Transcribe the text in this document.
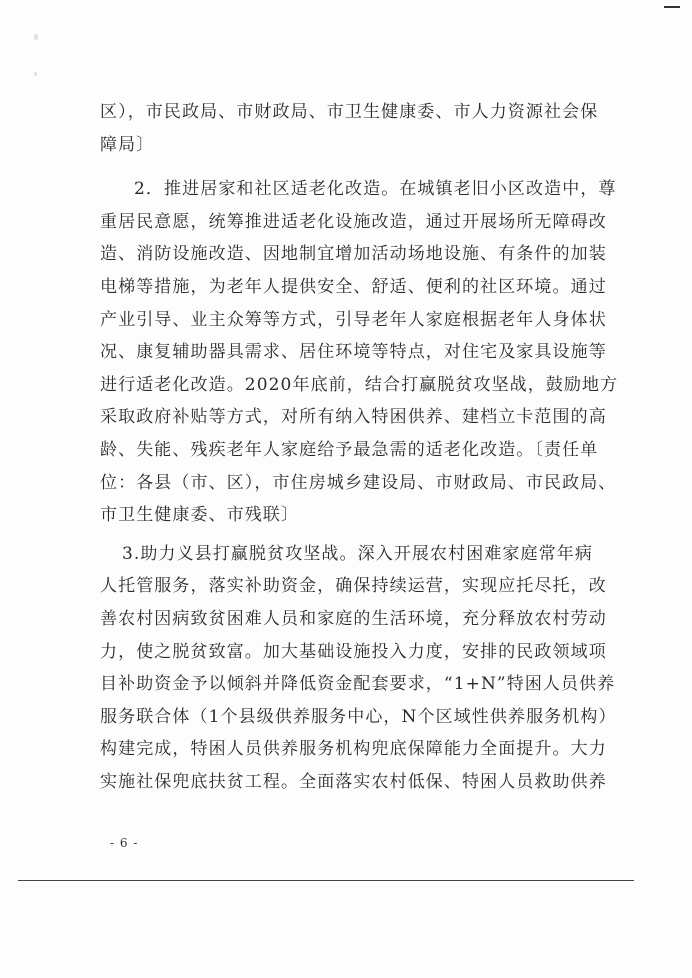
区），市民政局、市财政局、市卫生健康委、市人力资源社会保
障局〕
2．推进居家和社区适老化改造。在城镇老旧小区改造中，尊
重居民意愿，统筹推进适老化设施改造，通过开展场所无障碍改
造、消防设施改造、因地制宜增加活动场地设施、有条件的加装
电梯等措施，为老年人提供安全、舒适、便利的社区环境。通过
产业引导、业主众筹等方式，引导老年人家庭根据老年人身体状
况、康复辅助器具需求、居住环境等特点，对住宅及家具设施等
进行适老化改造。2020年底前，结合打赢脱贫攻坚战，鼓励地方
采取政府补贴等方式，对所有纳入特困供养、建档立卡范围的高
龄、失能、残疾老年人家庭给予最急需的适老化改造。〔责任单
位：各县（市、区），市住房城乡建设局、市财政局、市民政局、
市卫生健康委、市残联〕
3.助力义县打赢脱贫攻坚战。深入开展农村困难家庭常年病
人托管服务，落实补助资金，确保持续运营，实现应托尽托，改
善农村因病致贫困难人员和家庭的生活环境，充分释放农村劳动
力，使之脱贫致富。加大基础设施投入力度，安排的民政领域项
目补助资金予以倾斜并降低资金配套要求，“1+N”特困人员供养
服务联合体（1个县级供养服务中心，N个区域性供养服务机构）
构建完成，特困人员供养服务机构兜底保障能力全面提升。大力
实施社保兜底扶贫工程。全面落实农村低保、特困人员救助供养
- 6 -
